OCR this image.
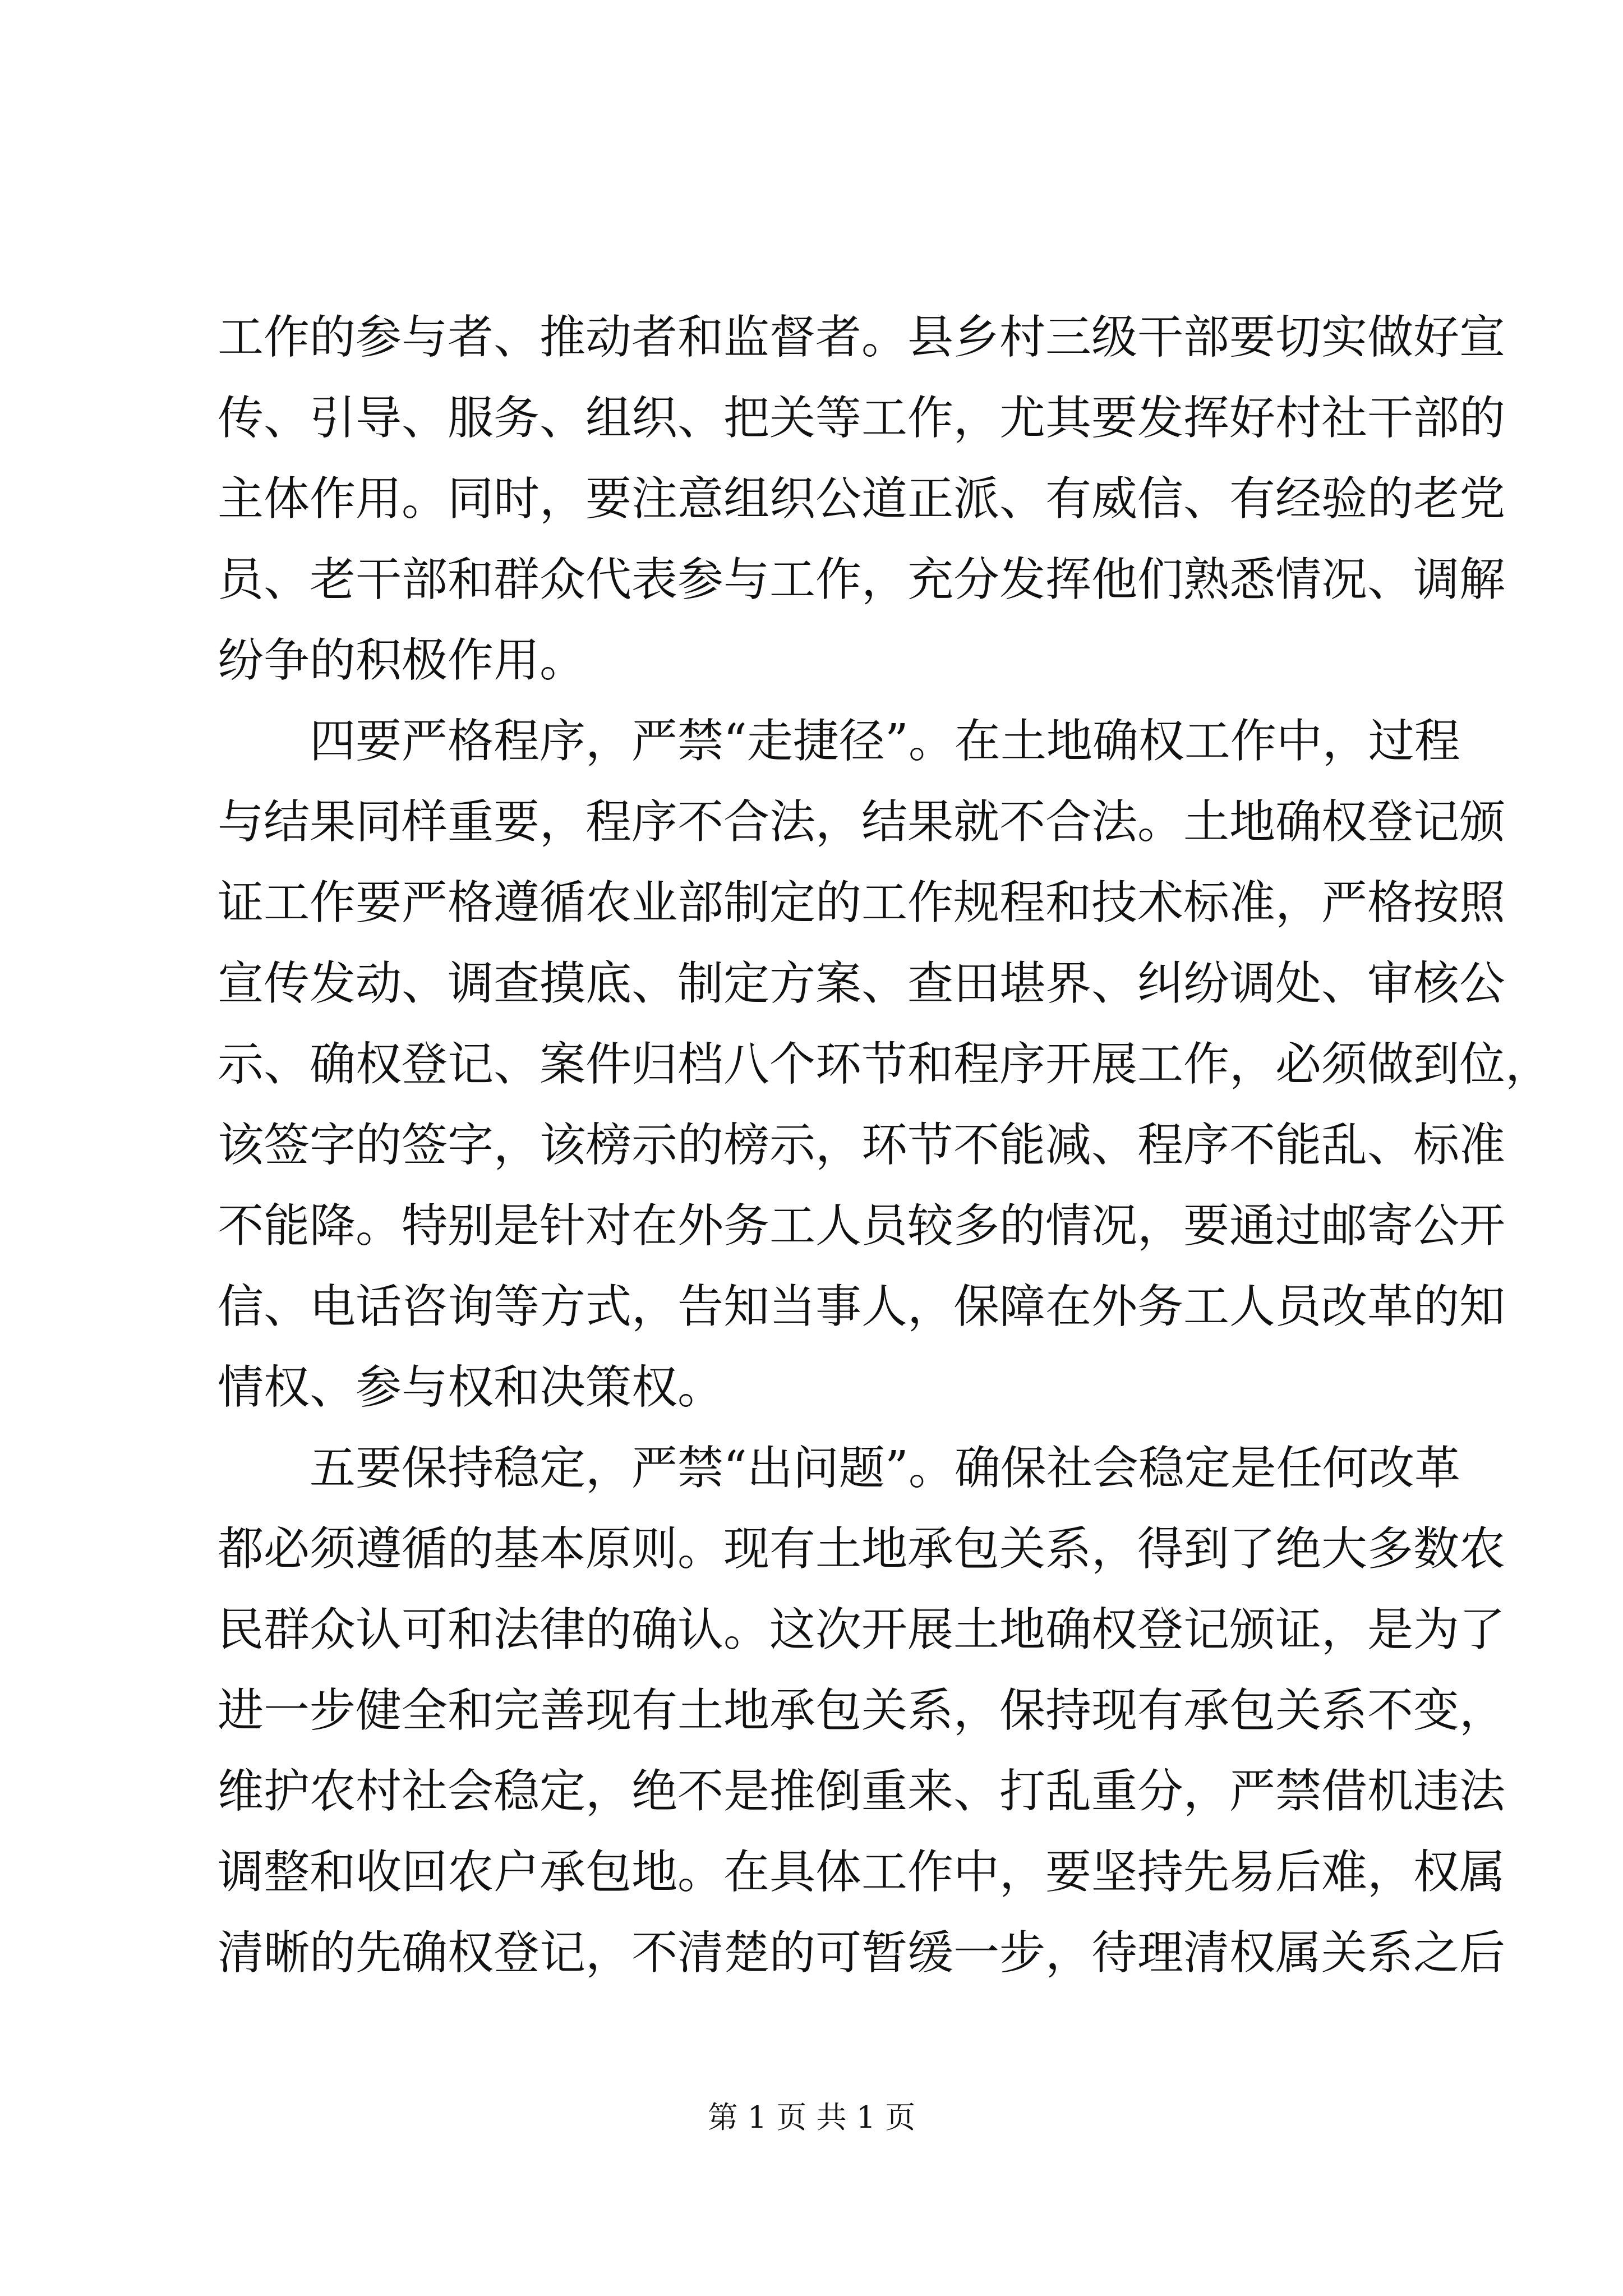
工作的参与者、推动者和监督者。县乡村三级干部要切实做好宣
传、引导、服务、组织、把关等工作，尤其要发挥好村社干部的
主体作用。同时，要注意组织公道正派、有威信、有经验的老党
员、老干部和群众代表参与工作，充分发挥他们熟悉情况、调解
纷争的积极作用。
四要严格程序，严禁“走捷径”。在土地确权工作中，过程
与结果同样重要，程序不合法，结果就不合法。土地确权登记颁
证工作要严格遵循农业部制定的工作规程和技术标准，严格按照
宣传发动、调查摸底、制定方案、查田堪界、纠纷调处、审核公
示、确权登记、案件归档八个环节和程序开展工作，必须做到位，
该签字的签字，该榜示的榜示，环节不能减、程序不能乱、标准
不能降。特别是针对在外务工人员较多的情况，要通过邮寄公开
信、电话咨询等方式，告知当事人，保障在外务工人员改革的知
情权、参与权和决策权。
五要保持稳定，严禁“出问题”。确保社会稳定是任何改革
都必须遵循的基本原则。现有土地承包关系，得到了绝大多数农
民群众认可和法律的确认。这次开展土地确权登记颁证，是为了
进一步健全和完善现有土地承包关系，保持现有承包关系不变，
维护农村社会稳定，绝不是推倒重来、打乱重分，严禁借机违法
调整和收回农户承包地。在具体工作中，要坚持先易后难，权属
清晰的先确权登记，不清楚的可暂缓一步，待理清权属关系之后
第 1 页 共 1 页
